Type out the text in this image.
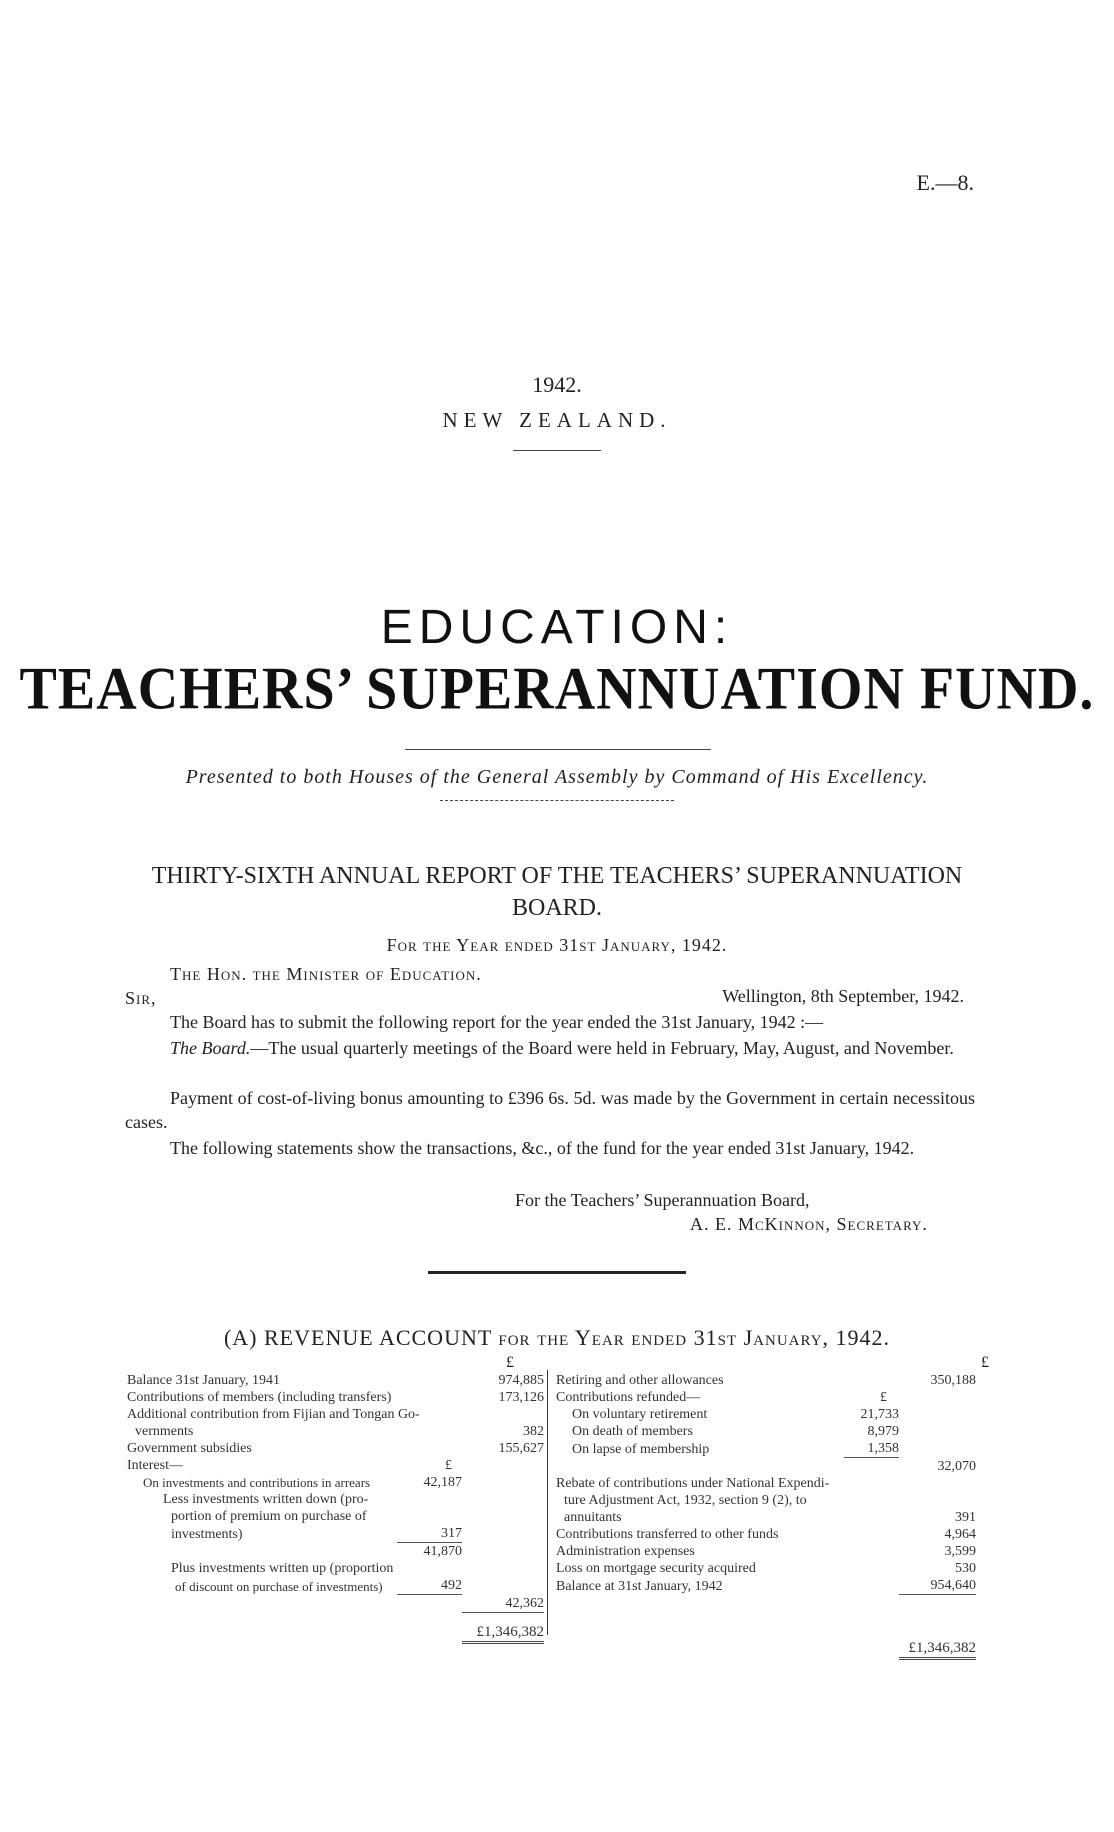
E.—8.
1942.
NEW ZEALAND.
EDUCATION:
TEACHERS’ SUPERANNUATION FUND.
Presented to both Houses of the General Assembly by Command of His Excellency.
THIRTY-SIXTH ANNUAL REPORT OF THE TEACHERS’ SUPERANNUATION BOARD.
For the Year ended 31st January, 1942.
The Hon. the Minister of Education.
Sir,	Wellington, 8th September, 1942.
The Board has to submit the following report for the year ended the 31st January, 1942 :—
The Board.—The usual quarterly meetings of the Board were held in February, May, August, and November.
Payment of cost-of-living bonus amounting to £396 6s. 5d. was made by the Government in certain necessitous cases.
The following statements show the transactions, &c., of the fund for the year ended 31st January, 1942.
For the Teachers’ Superannuation Board,
A. E. McKinnon, Secretary.
(A) REVENUE ACCOUNT for the Year ended 31st January, 1942.
£	£
Balance 31st January, 1941		974,885
Contributions of members (including transfers)		173,126
Additional contribution from Fijian and Tongan Go-		
vernments		382
Government subsidies		155,627
Interest—	£	
On investments and contributions in arrears	42,187	
Less investments written down (pro-		
portion of premium on purchase of		
investments)	317	
	41,870	
Plus investments written up (proportion		
of discount on purchase of investments)	492	
		42,362
		£1,346,382
Retiring and other allowances		350,188
Contributions refunded—	£	
On voluntary retirement	21,733	
On death of members	8,979	
On lapse of membership	1,358	
		32,070
Rebate of contributions under National Expendi-		
ture Adjustment Act, 1932, section 9 (2), to		
annuitants		391
Contributions transferred to other funds		4,964
Administration expenses		3,599
Loss on mortgage security acquired		530
Balance at 31st January, 1942		954,640

		£1,346,382
